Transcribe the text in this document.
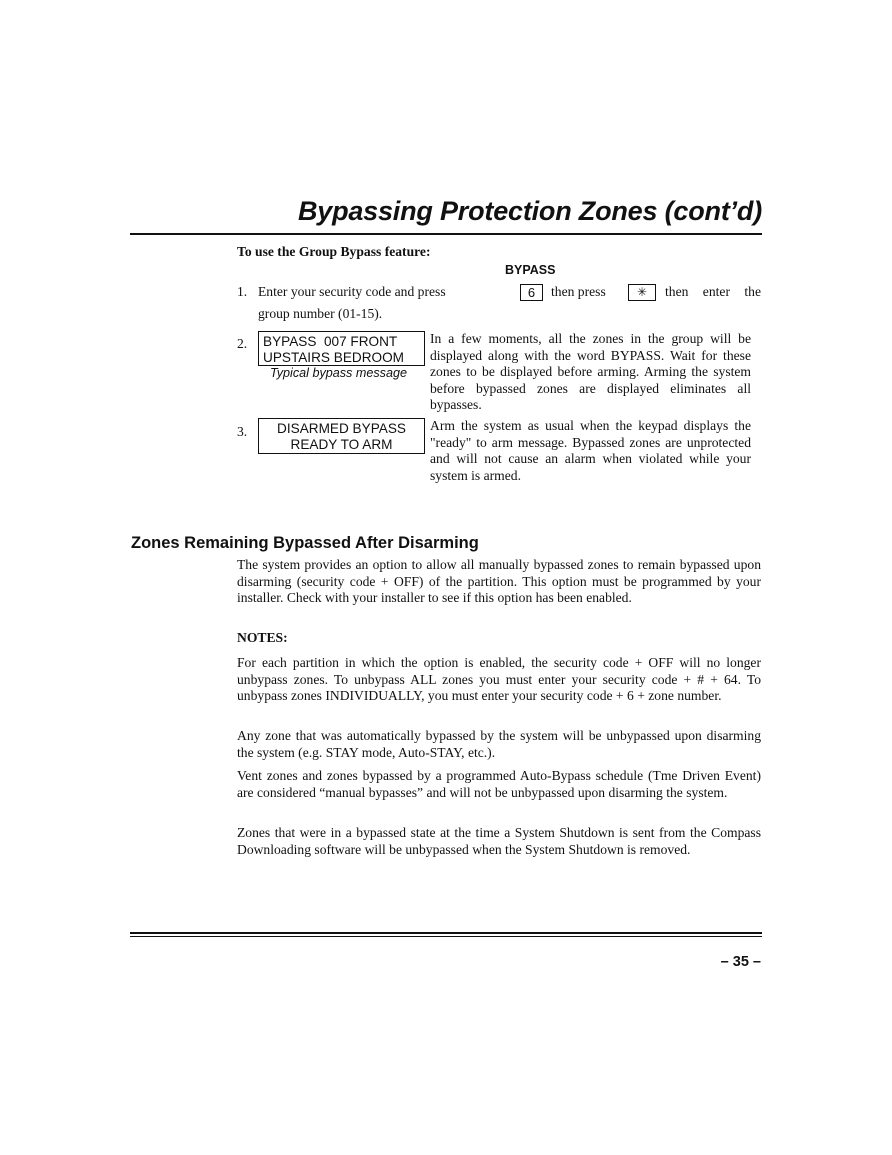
Bypassing Protection Zones (cont’d)
To use the Group Bypass feature:
BYPASS
1. Enter your security code and press	6	then press	✳	then enter the
group number (01-15).
2. BYPASS  007 FRONT
UPSTAIRS BEDROOM
Typical bypass message
In a few moments, all the zones in the group will be displayed along with the word BYPASS. Wait for these zones to be displayed before arming. Arming the system before bypassed zones are displayed eliminates all bypasses.
3.	DISARMED BYPASS
READY TO ARM
Arm the system as usual when the keypad displays the "ready" to arm message. Bypassed zones are unprotected and will not cause an alarm when violated while your system is armed.
Zones Remaining Bypassed After Disarming
The system provides an option to allow all manually bypassed zones to remain bypassed upon disarming (security code + OFF) of the partition. This option must be programmed by your installer. Check with your installer to see if this option has been enabled.
NOTES:
For each partition in which the option is enabled, the security code + OFF will no longer unbypass zones. To unbypass ALL zones you must enter your security code + # + 64. To unbypass zones INDIVIDUALLY, you must enter your security code + 6 + zone number.
Any zone that was automatically bypassed by the system will be unbypassed upon disarming the system (e.g. STAY mode, Auto-STAY, etc.).
Vent zones and zones bypassed by a programmed Auto-Bypass schedule (Tme Driven Event) are considered “manual bypasses” and will not be unbypassed upon disarming the system.
Zones that were in a bypassed state at the time a System Shutdown is sent from the Compass Downloading software will be unbypassed when the System Shutdown is removed.
– 35 –
